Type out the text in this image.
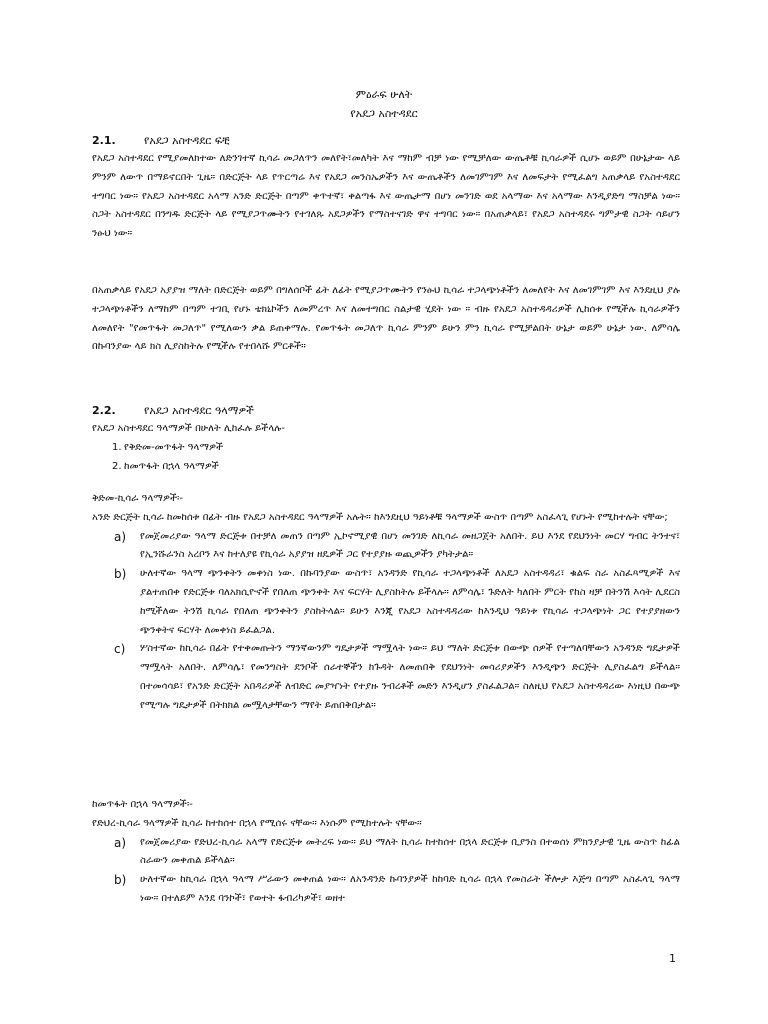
ምዕራፍ ሁለት
የአደጋ አስተዳደር
2.1.	የአደጋ አስተዳደር ፍቺ

የአደጋ አስተዳደር የሚያመለክተው ለድንገተኛ ኪሳራ መጋለጥን መለየት፣መለካት እና ማከም ብቻ ነው የሚቻለው ውጤቶቹ ኪሳራዎች ሲሆኑ ወይም በሁኔታው ላይ ምንም ለውጥ በማይኖርበት ጊዜ። በድርጅት ላይ የጥርጣሬ እና የአደጋ መንስኤዎችን እና ውጤቶችን ለመገምገም እና ለመፍታት የሚፈልግ አጠቃላይ የአስተዳደር ተግባር ነው። የአደጋ አስተዳደር አላማ አንድ ድርጅት በጣም ቀጥተኛ፣ ቀልጣፋ እና ውጤታማ በሆነ መንገድ ወደ አላማው እና አላማው እንዲያድግ ማስቻል ነው። ስጋት አስተዳደር በንግዱ ድርጅት ላይ የሚያጋጥሙትን የተገለጹ አደጋዎችን የማስተናገድ ዋና ተግባር ነው። በአጠቃላይ፣ የአደጋ አስተዳደሩ ግምታዊ ስጋት ሳይሆን ንፁህ ነው።

በአጠቃላይ የአደጋ አያያዝ ማለት በድርጅት ወይም በግለሰቦች ፊት ለፊት የሚያጋጥሙትን የንፁህ ኪሳራ ተጋላጭነቶችን ለመለየት እና ለመገምገም እና እንደዚህ ያሉ ተጋላጭነቶችን ለማከም በጣም ተገቢ የሆኑ ቴክኒኮችን ለመምረጥ እና ለመተግበር ስልታዊ ሂደት ነው ። ብዙ የአደጋ አስተዳዳሪዎች ሊከሰቱ የሚችሉ ኪሳራዎችን ለመለየት "የመጥፋት መጋለጥ" የሚለውን ቃል ይጠቀማሉ. የመጥፋት መጋለጥ ኪሳራ ምንም ይሁን ምን ኪሳራ የሚቻልበት ሁኔታ ወይም ሁኔታ ነው. ለምሳሌ በኩባንያው ላይ ክስ ሊያስከትሉ የሚችሉ የተበላሹ ምርቶች።

2.2.	የአደጋ አስተዳደር ዓላማዎች

የአደጋ አስተዳደር ዓላማዎች በሁለት ሊከፈሉ ይችላሉ-

1. የቅድመ-መጥፋት ዓላማዎች
2. ከመጥፋት በኋላ ዓላማዎች

ቅድመ-ኪሳራ ዓላማዎች፡-

አንድ ድርጅት ኪሳራ ከመከሰቱ በፊት ብዙ የአደጋ አስተዳደር ዓላማዎች አሉት። ከእንደዚህ ዓይነቶቹ ዓላማዎች ውስጥ በጣም አስፈላጊ የሆኑት የሚከተሉት ናቸው;

a) የመጀመሪያው ዓላማ ድርጅቱ በተቻለ መጠን በጣም ኢኮኖሚያዊ በሆነ መንገድ ለኪሳራ መዘጋጀት አለበት. ይህ እንደ የደህንነት መርሃ ግብር ትንተና፣ የኢንሹራንስ አረቦን እና ከተለያዩ የኪሳራ አያያዝ ዘዴዎች ጋር የተያያዙ ወጪዎችን ያካትታል።
b) ሁለተኛው ዓላማ ጭንቀትን መቀነስ ነው. በኩባንያው ውስጥ፣ አንዳንድ የኪሳራ ተጋላጭነቶች ለአደጋ አስተዳዳሪ፣ ቁልፍ ስራ አስፈጻሚዎች እና ያልተጠበቀ የድርጅቱ ባለአክሲዮኖች የበለጠ ጭንቀት እና ፍርሃት ሊያስከትሉ ይችላሉ። ለምሳሌ፣ ጉድለት ካለበት ምርት የከስ ዛቻ በትንሽ እሳት ሊደርስ ከሚችለው ትንሽ ኪሳራ የበለጠ ጭንቀትን ያስከትላል። ይሁን እንጂ የአደጋ አስተዳዳሪው ከእንዲህ ዓይነቱ የኪሳራ ተጋላጭነት ጋር የተያያዘውን ጭንቀትና ፍርሃት ለመቀነስ ይፈልጋል.
c) ሦስተኛው ከኪሳራ በፊት የተቀመጡትን ማንኛውንም ግዴታዎች ማሟላት ነው። ይህ ማለት ድርጅቱ በውጭ ሰዎች የተጣለባቸውን አንዳንድ ግዴታዎች ማሟላት አለበት. ለምሳሌ፣ የመንግስት ደንቦች ሰራተኞችን ከጉዳት ለመጠበቅ የደህንነት መሳሪያዎችን እንዲጭን ድርጅት ሊያስፈልግ ይችላል። በተመሳሳይ፣ የአንድ ድርጅት አበዳሪዎች ለብድር መያዣነት የተያዙ ንብረቶች መድን እንዲሆን ያስፈልጋል። ስለዚህ የአደጋ አስተዳዳሪው እነዚህ በውጭ የሚጣሉ ግዴታዎች በትክክል መሟላታቸውን ማየት ይጠበቅበታል።

ከመጥፋት በኋላ ዓላማዎች፡-

የድህረ-ኪሳራ ዓላማዎች ኪሳራ ከተከሰተ በኋላ የሚሰሩ ናቸው። እነሱም የሚከተሉት ናቸው።

a) የመጀመሪያው የድህረ-ኪሳራ አላማ የድርጅቱ መትረፍ ነው። ይህ ማለት ኪሳራ ከተከሰተ በኋላ ድርጅቱ ቢያንስ በተወሰነ ምክንያታዊ ጊዜ ውስጥ ከፊል ስራውን መቀጠል ይችላል።
b) ሁለተኛው ከኪሳራ በኋላ ዓላማ ሥራውን መቀጠል ነው። ለአንዳንድ ኩባንያዎች ከከባድ ኪሳራ በኋላ የመስራት ችሎታ እጅግ በጣም አስፈላጊ ዓላማ ነው። በተለይም እንደ ባንኮች፣ የወተት ፋብሪካዎች፣ ወዘተ
1
